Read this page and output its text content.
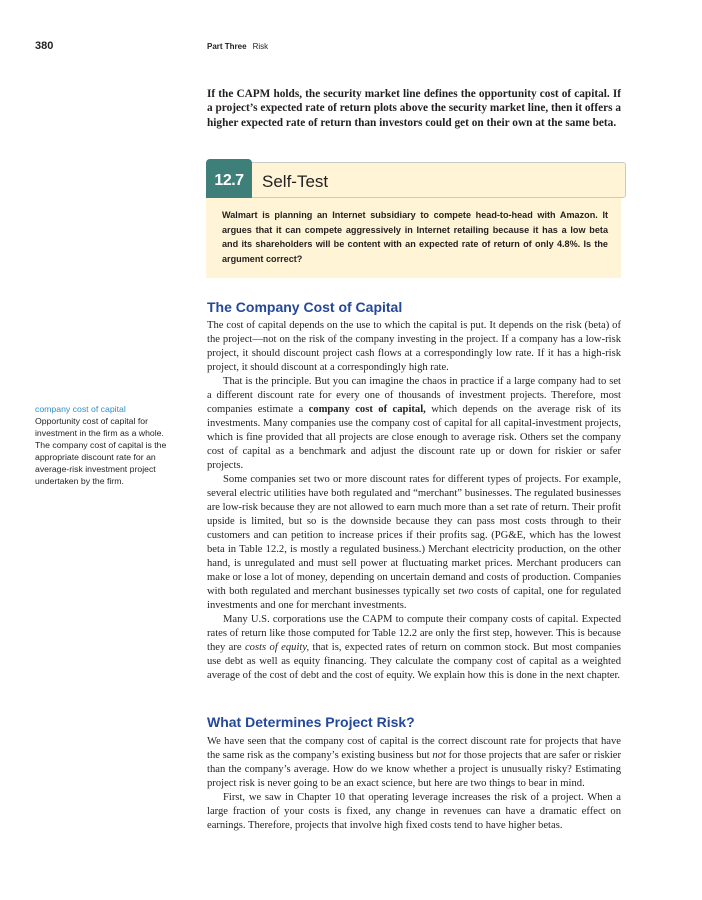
380	Part Three Risk
If the CAPM holds, the security market line defines the opportunity cost of capital. If a project’s expected rate of return plots above the security market line, then it offers a higher expected rate of return than investors could get on their own at the same beta.
12.7	Self-Test
Walmart is planning an Internet subsidiary to compete head-to-head with Amazon. It argues that it can compete aggressively in Internet retailing because it has a low beta and its shareholders will be content with an expected rate of return of only 4.8%. Is the argument correct?
The Company Cost of Capital
company cost of capital
Opportunity cost of capital for investment in the firm as a whole. The company cost of capital is the appropriate discount rate for an average-risk investment project undertaken by the firm.

The cost of capital depends on the use to which the capital is put. It depends on the risk (beta) of the project—not on the risk of the company investing in the project. If a company has a low-risk project, it should discount project cash flows at a correspondingly low rate. If it has a high-risk project, it should discount at a correspondingly high rate.

That is the principle. But you can imagine the chaos in practice if a large company had to set a different discount rate for every one of thousands of investment projects. Therefore, most companies estimate a company cost of capital, which depends on the average risk of its investments. Many companies use the company cost of capital for all capital-investment projects, which is fine provided that all projects are close enough to average risk. Others set the company cost of capital as a benchmark and adjust the discount rate up or down for riskier or safer projects.

Some companies set two or more discount rates for different types of projects. For example, several electric utilities have both regulated and “merchant” businesses. The regulated businesses are low-risk because they are not allowed to earn much more than a set rate of return. Their profit upside is limited, but so is the downside because they can pass most costs through to their customers and can petition to increase prices if their profits sag. (PG&E, which has the lowest beta in Table 12.2, is mostly a regulated business.) Merchant electricity production, on the other hand, is unregulated and must sell power at fluctuating market prices. Merchant producers can make or lose a lot of money, depending on uncertain demand and costs of production. Companies with both regulated and merchant businesses typically set two costs of capital, one for regulated investments and one for merchant investments.

Many U.S. corporations use the CAPM to compute their company costs of capital. Expected rates of return like those computed for Table 12.2 are only the first step, however. This is because they are costs of equity, that is, expected rates of return on common stock. But most companies use debt as well as equity financing. They calculate the company cost of capital as a weighted average of the cost of debt and the cost of equity. We explain how this is done in the next chapter.

What Determines Project Risk?

We have seen that the company cost of capital is the correct discount rate for projects that have the same risk as the company’s existing business but not for those projects that are safer or riskier than the company’s average. How do we know whether a project is unusually risky? Estimating project risk is never going to be an exact science, but here are two things to bear in mind.

First, we saw in Chapter 10 that operating leverage increases the risk of a project. When a large fraction of your costs is fixed, any change in revenues can have a dramatic effect on earnings. Therefore, projects that involve high fixed costs tend to have higher betas.
